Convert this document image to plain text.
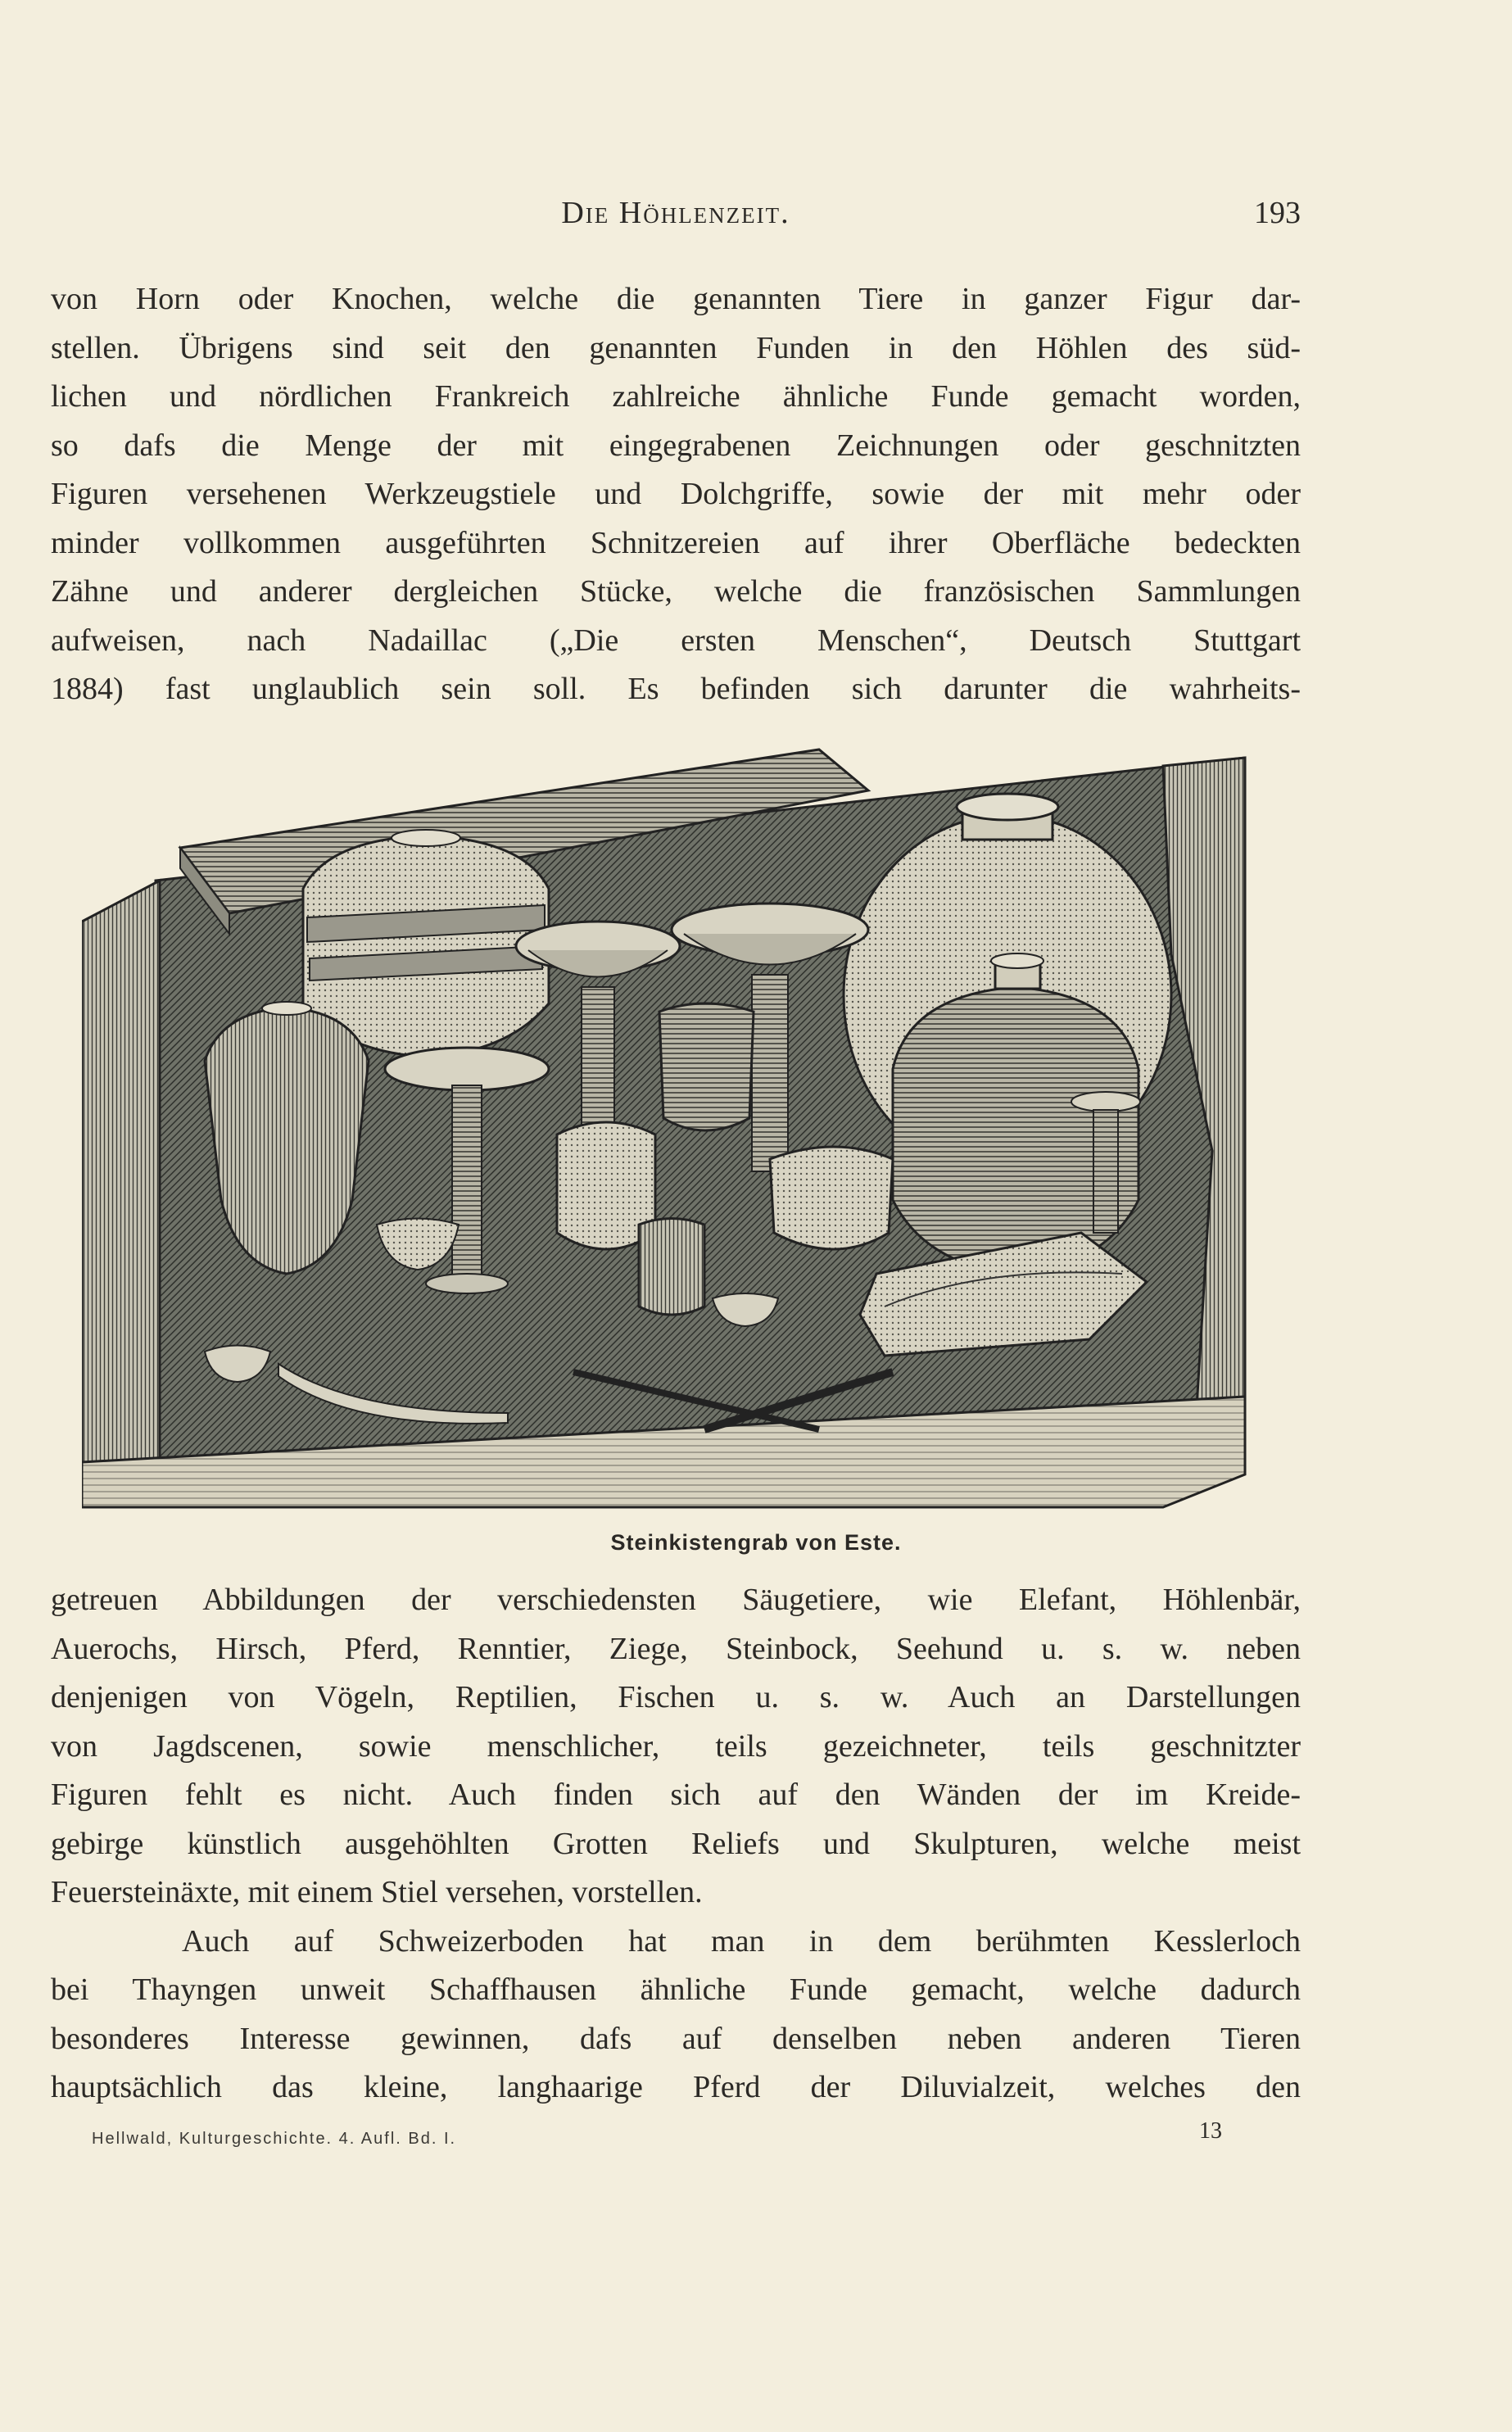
Die Höhlenzeit.	193
von Horn oder Knochen, welche die genannten Tiere in ganzer Figur dar-
stellen. Übrigens sind seit den genannten Funden in den Höhlen des süd-
lichen und nördlichen Frankreich zahlreiche ähnliche Funde gemacht worden,
so dafs die Menge der mit eingegrabenen Zeichnungen oder geschnitzten
Figuren versehenen Werkzeugstiele und Dolchgriffe, sowie der mit mehr oder
minder vollkommen ausgeführten Schnitzereien auf ihrer Oberfläche bedeckten
Zähne und anderer dergleichen Stücke, welche die französischen Sammlungen
aufweisen, nach Nadaillac („Die ersten Menschen“, Deutsch Stuttgart
1884) fast unglaublich sein soll. Es befinden sich darunter die wahrheits-
Steinkistengrab von Este.
getreuen Abbildungen der verschiedensten Säugetiere, wie Elefant, Höhlenbär,
Auerochs, Hirsch, Pferd, Renntier, Ziege, Steinbock, Seehund u. s. w. neben
denjenigen von Vögeln, Reptilien, Fischen u. s. w. Auch an Darstellungen
von Jagdscenen, sowie menschlicher, teils gezeichneter, teils geschnitzter
Figuren fehlt es nicht. Auch finden sich auf den Wänden der im Kreide-
gebirge künstlich ausgehöhlten Grotten Reliefs und Skulpturen, welche meist
Feuersteinäxte, mit einem Stiel versehen, vorstellen.
Auch auf Schweizerboden hat man in dem berühmten Kesslerloch
bei Thayngen unweit Schaffhausen ähnliche Funde gemacht, welche dadurch
besonderes Interesse gewinnen, dafs auf denselben neben anderen Tieren
hauptsächlich das kleine, langhaarige Pferd der Diluvialzeit, welches den
Hellwald, Kulturgeschichte. 4. Aufl. Bd. I.	13
